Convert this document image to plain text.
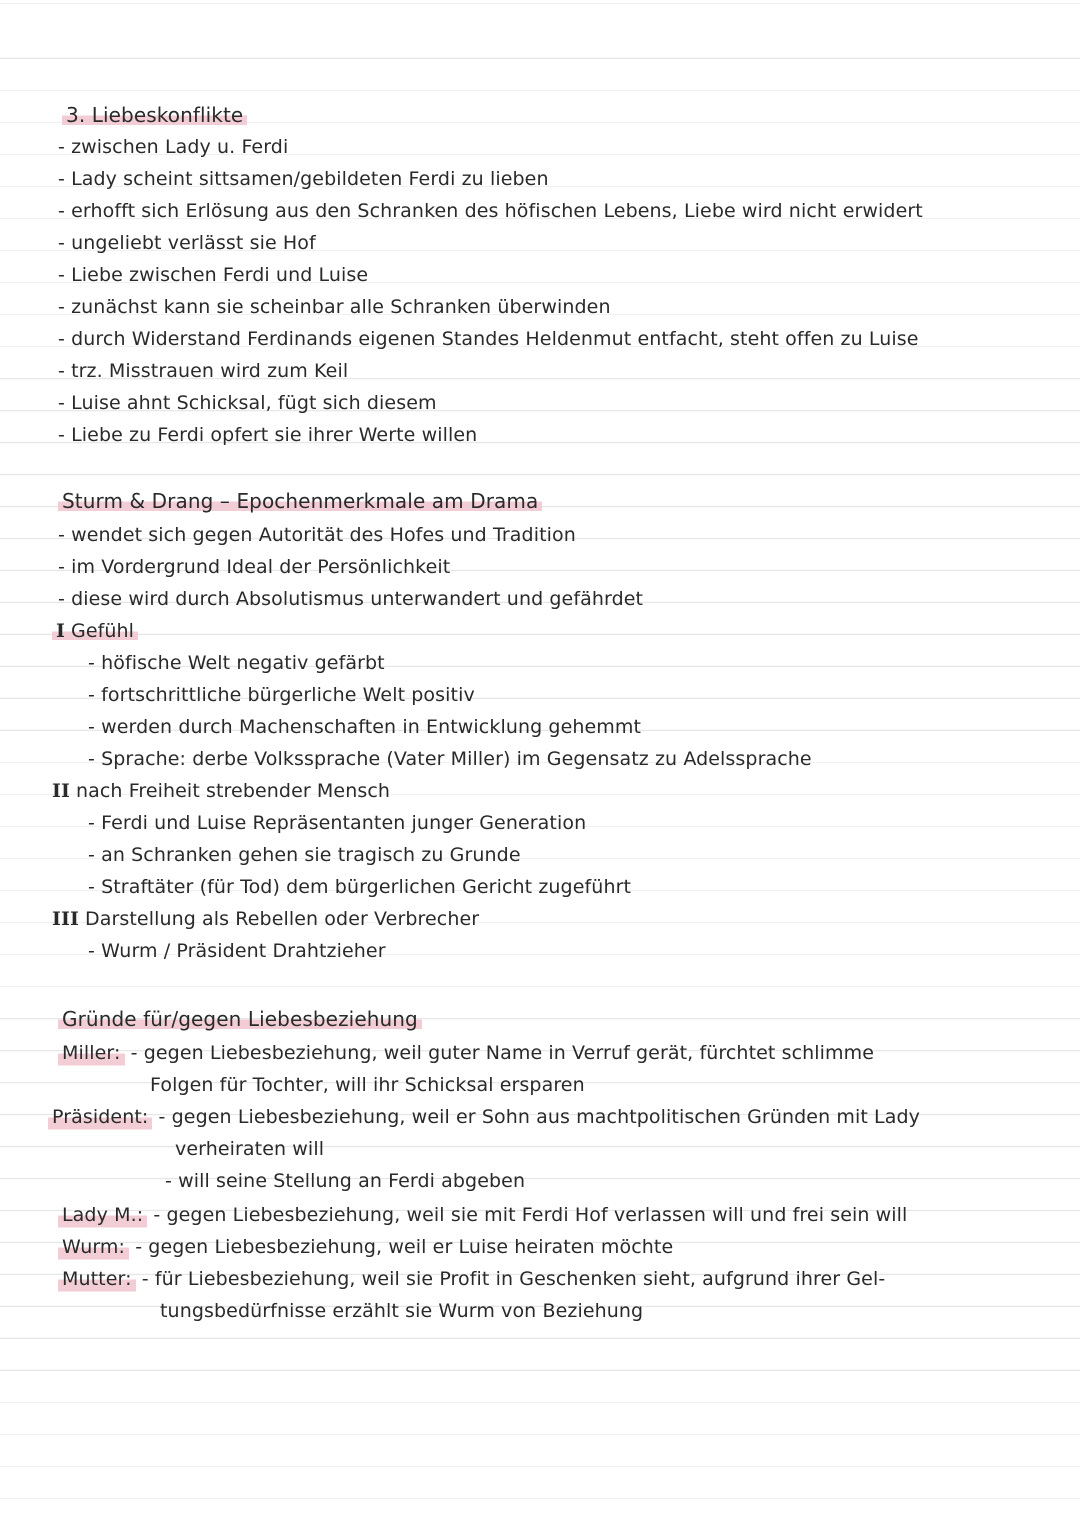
3. Liebeskonflikte
- zwischen Lady u. Ferdi
- Lady scheint sittsamen/gebildeten Ferdi zu lieben
- erhofft sich Erlösung aus den Schranken des höfischen Lebens, Liebe wird nicht erwidert
- ungeliebt verlässt sie Hof
- Liebe zwischen Ferdi und Luise
- zunächst kann sie scheinbar alle Schranken überwinden
- durch Widerstand Ferdinands eigenen Standes Heldenmut entfacht, steht offen zu Luise
- trz. Misstrauen wird zum Keil
- Luise ahnt Schicksal, fügt sich diesem
- Liebe zu Ferdi opfert sie ihrer Werte willen
Sturm & Drang – Epochenmerkmale am Drama
- wendet sich gegen Autorität des Hofes und Tradition
- im Vordergrund Ideal der Persönlichkeit
- diese wird durch Absolutismus unterwandert und gefährdet
I Gefühl
- höfische Welt negativ gefärbt
- fortschrittliche bürgerliche Welt positiv
- werden durch Machenschaften in Entwicklung gehemmt
- Sprache: derbe Volkssprache (Vater Miller) im Gegensatz zu Adelssprache
II nach Freiheit strebender Mensch
- Ferdi und Luise Repräsentanten junger Generation
- an Schranken gehen sie tragisch zu Grunde
- Straftäter (für Tod) dem bürgerlichen Gericht zugeführt
III Darstellung als Rebellen oder Verbrecher
- Wurm / Präsident Drahtzieher
Gründe für/gegen Liebesbeziehung
Miller: - gegen Liebesbeziehung, weil guter Name in Verruf gerät, fürchtet schlimme
Folgen für Tochter, will ihr Schicksal ersparen
Präsident: - gegen Liebesbeziehung, weil er Sohn aus machtpolitischen Gründen mit Lady
verheiraten will
- will seine Stellung an Ferdi abgeben
Lady M.: - gegen Liebesbeziehung, weil sie mit Ferdi Hof verlassen will und frei sein will
Wurm: - gegen Liebesbeziehung, weil er Luise heiraten möchte
Mutter: - für Liebesbeziehung, weil sie Profit in Geschenken sieht, aufgrund ihrer Gel-
tungsbedürfnisse erzählt sie Wurm von Beziehung
